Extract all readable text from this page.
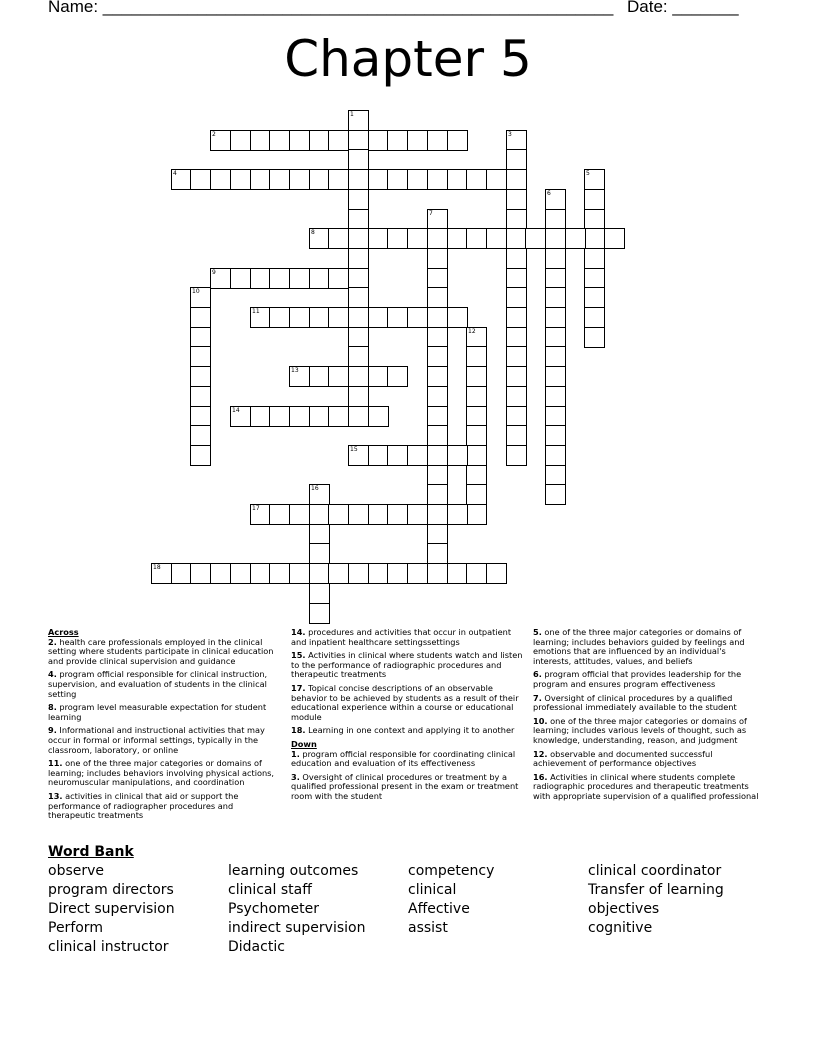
Name: ______________________________________________________ Date: _______
Chapter 5
1
2	3
4	5
6
7
8
9
10
11
12
13
14
15
16
17
18
Across
2. health care professionals employed in the clinical setting where students participate in clinical education and provide clinical supervision and guidance
4. program official responsible for clinical instruction, supervision, and evaluation of students in the clinical setting
8. program level measurable expectation for student learning
9. Informational and instructional activities that may occur in formal or informal settings, typically in the classroom, laboratory, or online
11. one of the three major categories or domains of learning; includes behaviors involving physical actions, neuromuscular manipulations, and coordination
13. activities in clinical that aid or support the performance of radiographer procedures and therapeutic treatments
14. procedures and activities that occur in outpatient and inpatient healthcare settingssettings
15. Activities in clinical where students watch and listen to the performance of radiographic procedures and therapeutic treatments
17. Topical concise descriptions of an observable behavior to be achieved by students as a result of their educational experience within a course or educational module
18. Learning in one context and applying it to another
Down
1. program official responsible for coordinating clinical education and evaluation of its effectiveness
3. Oversight of clinical procedures or treatment by a qualified professional present in the exam or treatment room with the student
5. one of the three major categories or domains of learning; includes behaviors guided by feelings and emotions that are influenced by an individual's interests, attitudes, values, and beliefs
6. program official that provides leadership for the program and ensures program effectiveness
7. Oversight of clinical procedures by a qualified professional immediately available to the student
10. one of the three major categories or domains of learning; includes various levels of thought, such as knowledge, understanding, reason, and judgment
12. observable and documented successful achievement of performance objectives
16. Activities in clinical where students complete radiographic procedures and therapeutic treatments with appropriate supervision of a qualified professional
Word Bank
observe
program directors
Direct supervision
Perform
clinical instructor
learning outcomes
clinical staff
Psychometer
indirect supervision
Didactic
competency
clinical
Affective
assist
clinical coordinator
Transfer of learning
objectives
cognitive
